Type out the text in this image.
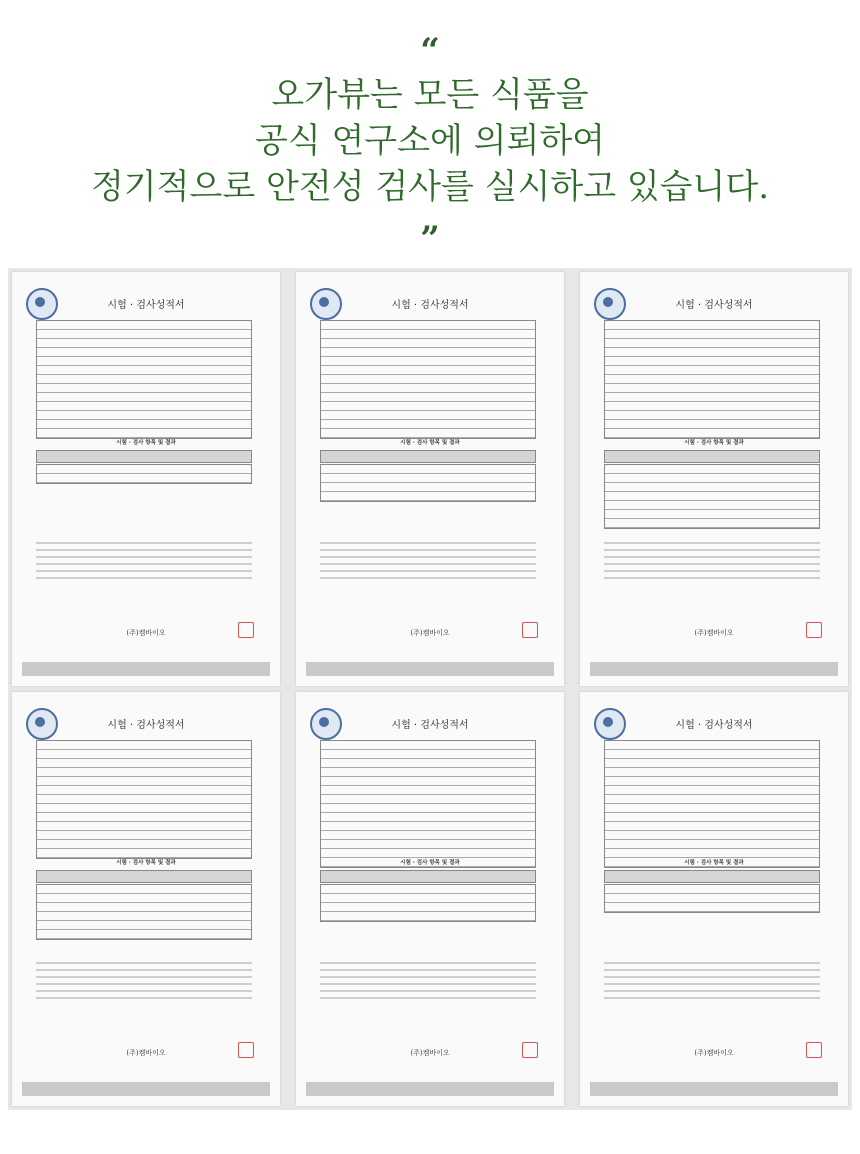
“
오가뷰는 모든 식품을
공식 연구소에 의뢰하여
정기적으로 안전성 검사를 실시하고 있습니다.
”
시험 · 검사성적서
시험 · 검사 항목 및 결과
(주)켐바이오
시험 · 검사성적서
시험 · 검사 항목 및 결과
(주)켐바이오
시험 · 검사성적서
시험 · 검사 항목 및 결과
(주)켐바이오
시험 · 검사성적서
시험 · 검사 항목 및 결과
(주)켐바이오
시험 · 검사성적서
시험 · 검사 항목 및 결과
(주)켐바이오
시험 · 검사성적서
시험 · 검사 항목 및 결과
(주)켐바이오
